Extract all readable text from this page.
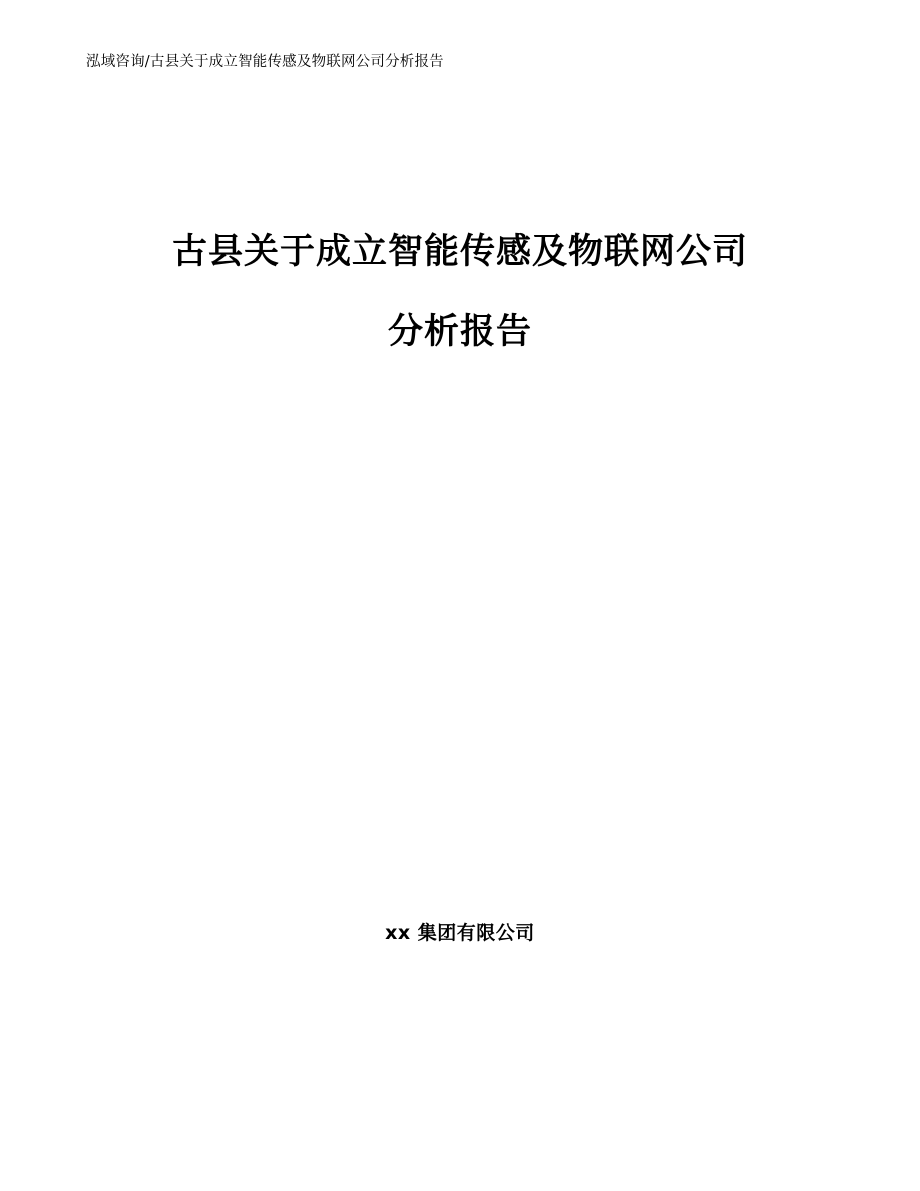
泓域咨询/古县关于成立智能传感及物联网公司分析报告
古县关于成立智能传感及物联网公司
分析报告
xx 集团有限公司
